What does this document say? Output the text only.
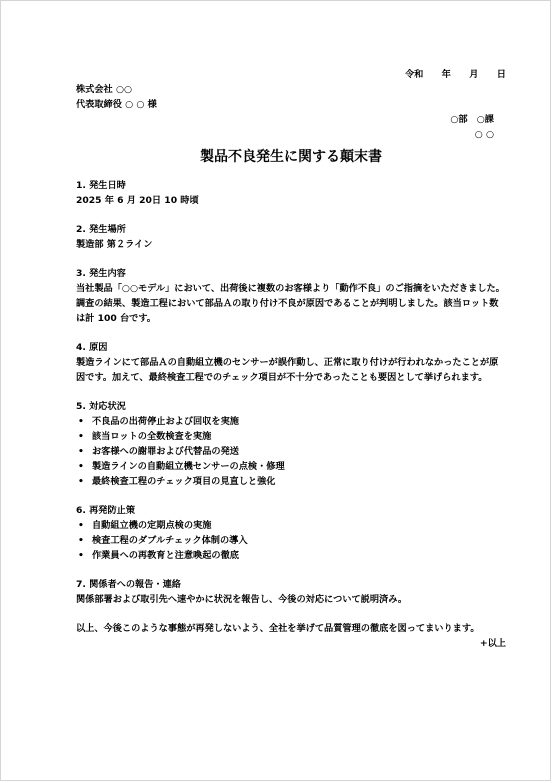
令和　　年　　月　　日
株式会社 ○○
代表取締役 ○ ○ 様
○部　○課
○ ○
製品不良発生に関する顛末書
1. 発生日時

2025 年 6 月 20日 10 時頃

2. 発生場所

製造部 第２ライン

3. 発生内容

当社製品「○○モデル」において、出荷後に複数のお客様より「動作不良」のご指摘をいただきました。調査の結果、製造工程において部品Ａの取り付け不良が原因であることが判明しました。該当ロット数は計 100 台です。

4. 原因

製造ラインにて部品Ａの自動組立機のセンサーが誤作動し、正常に取り付けが行われなかったことが原因です。加えて、最終検査工程でのチェック項目が不十分であったことも要因として挙げられます。

5. 対応状況
• 不良品の出荷停止および回収を実施
• 該当ロットの全数検査を実施
• お客様への謝罪および代替品の発送
• 製造ラインの自動組立機センサーの点検・修理
• 最終検査工程のチェック項目の見直しと強化
6. 再発防止策
• 自動組立機の定期点検の実施
• 検査工程のダブルチェック体制の導入
• 作業員への再教育と注意喚起の徹底
7. 関係者への報告・連絡

関係部署および取引先へ速やかに状況を報告し、今後の対応について説明済み。

以上、今後このような事態が再発しないよう、全社を挙げて品質管理の徹底を図ってまいります。

+以上
